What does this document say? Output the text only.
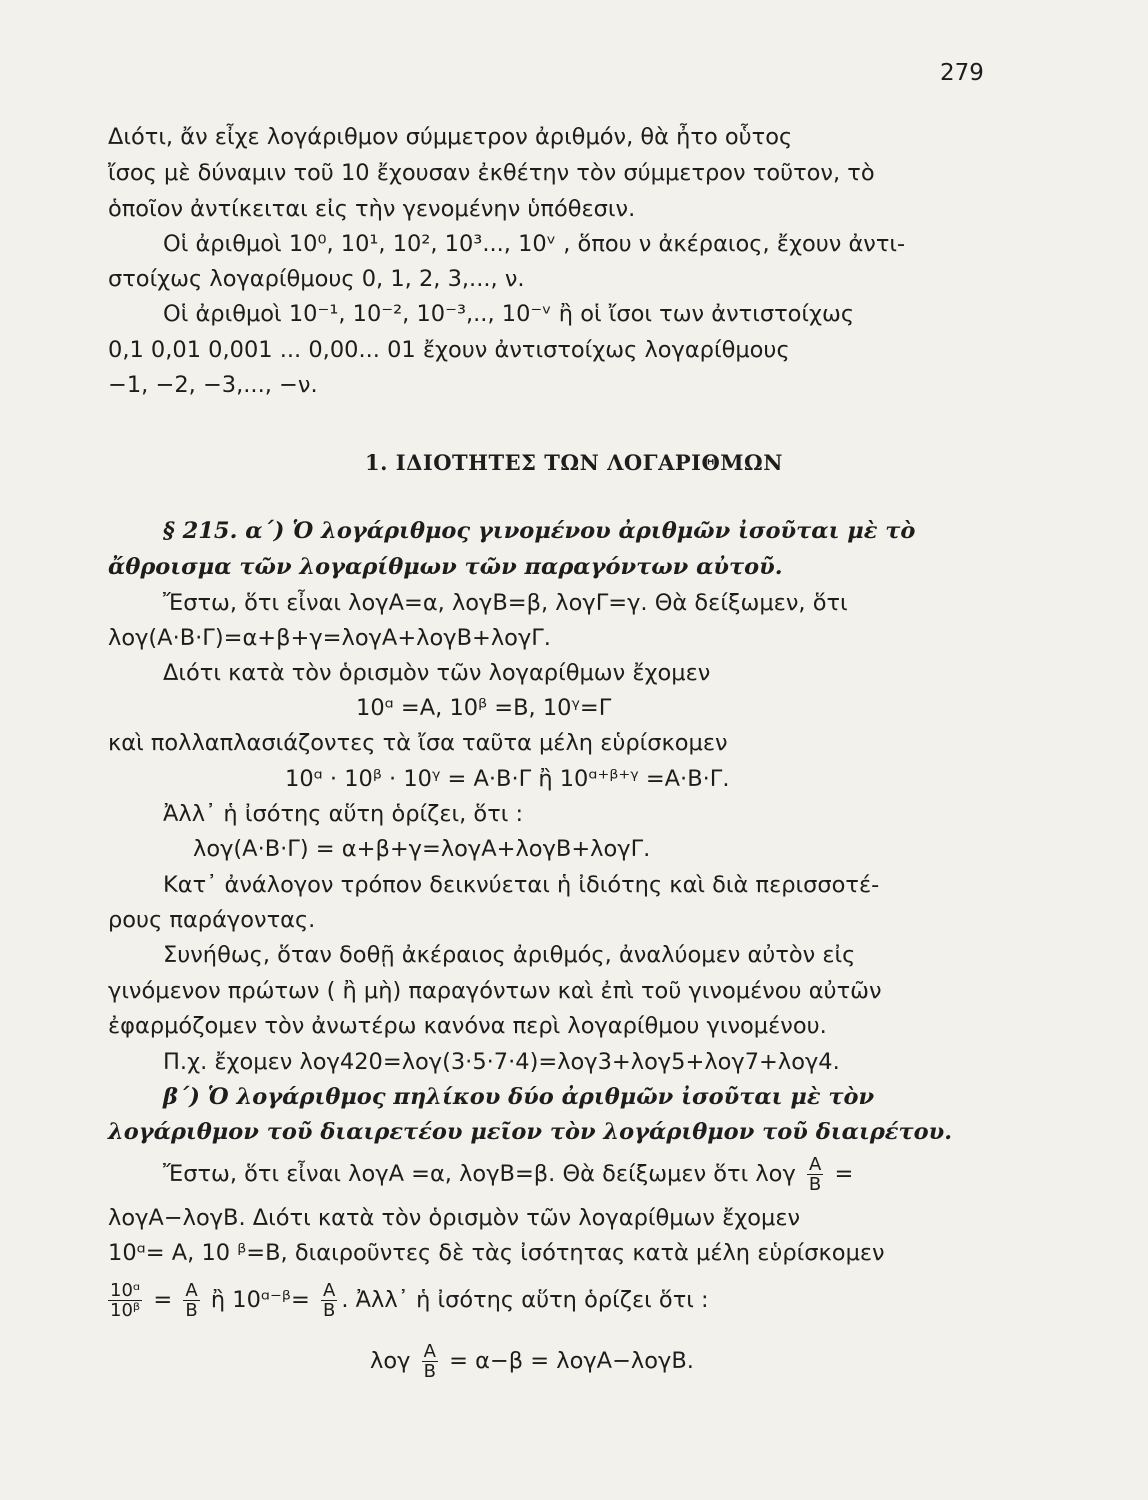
279
Διότι, ἄν εἶχε λογάριθμον σύμμετρον ἀριθμόν, θὰ ἦτο οὗτος
ἴσος μὲ δύναμιν τοῦ 10 ἔχουσαν ἐκθέτην τὸν σύμμετρον τοῦτον, τὸ
ὁποῖον ἀντίκειται εἰς τὴν γενομένην ὑπόθεσιν.
Οἱ ἀριθμοὶ 10⁰, 10¹, 10², 10³..., 10ᵛ , ὅπου ν ἀκέραιος, ἔχουν ἀντι-
στοίχως λογαρίθμους 0, 1, 2, 3,..., ν.
Οἱ ἀριθμοὶ 10⁻¹, 10⁻², 10⁻³,.., 10⁻ᵛ ἢ οἱ ἴσοι των ἀντιστοίχως
0,1 0,01 0,001 ... 0,00... 01 ἔχουν ἀντιστοίχως λογαρίθμους
−1, −2, −3,..., −ν.
1. ΙΔΙΟΤΗΤΕΣ ΤΩΝ ΛΟΓΑΡΙΘΜΩΝ
§ 215. α΄) Ὁ λογάριθμος γινομένου ἀριθμῶν ἰσοῦται μὲ τὸ
ἄθροισμα τῶν λογαρίθμων τῶν παραγόντων αὐτοῦ.
Ἔστω, ὅτι εἶναι λογΑ=α, λογΒ=β, λογΓ=γ. Θὰ δείξωμεν, ὅτι
λογ(Α·Β·Γ)=α+β+γ=λογΑ+λογΒ+λογΓ.
Διότι κατὰ τὸν ὁρισμὸν τῶν λογαρίθμων ἔχομεν
10ᵅ =Α, 10ᵝ =Β, 10ᵞ=Γ
καὶ πολλαπλασιάζοντες τὰ ἴσα ταῦτα μέλη εὑρίσκομεν
10ᵅ · 10ᵝ · 10ᵞ = Α·Β·Γ ἢ 10ᵅ⁺ᵝ⁺ᵞ =Α·Β·Γ.
Ἀλλ᾽ ἡ ἰσότης αὕτη ὁρίζει, ὅτι :
λογ(Α·Β·Γ) = α+β+γ=λογΑ+λογΒ+λογΓ.
Κατ᾽ ἀνάλογον τρόπον δεικνύεται ἡ ἰδιότης καὶ διὰ περισσοτέ-
ρους παράγοντας.
Συνήθως, ὅταν δοθῇ ἀκέραιος ἀριθμός, ἀναλύομεν αὐτὸν εἰς
γινόμενον πρώτων ( ἢ μὴ) παραγόντων καὶ ἐπὶ τοῦ γινομένου αὐτῶν
ἐφαρμόζομεν τὸν ἀνωτέρω κανόνα περὶ λογαρίθμου γινομένου.
Π.χ. ἔχομεν λογ420=λογ(3·5·7·4)=λογ3+λογ5+λογ7+λογ4.
β΄) Ὁ λογάριθμος πηλίκου δύο ἀριθμῶν ἰσοῦται μὲ τὸν
λογάριθμον τοῦ διαιρετέου μεῖον τὸν λογάριθμον τοῦ διαιρέτου.
Ἔστω, ὅτι εἶναι λογΑ =α, λογΒ=β. Θὰ δείξωμεν ὅτι λογ $\frac{A}{B}$ =
λογΑ−λογΒ. Διότι κατὰ τὸν ὁρισμὸν τῶν λογαρίθμων ἔχομεν
10ᵅ= Α, 10 ᵝ=Β, διαιροῦντες δὲ τὰς ἰσότητας κατὰ μέλη εὑρίσκομεν
$\frac{\text{10ᵅ}}{\text{10ᵝ}} = \frac{A}{B}$ ἢ 10ᵅ⁻ᵝ= $\frac{A}{B}$ . Ἀλλ᾽ ἡ ἰσότης αὕτη ὁρίζει ὅτι :
λογ $\frac{A}{B} = \alpha-\beta = \lambda o\gamma A-\lambda o\gamma B$.
